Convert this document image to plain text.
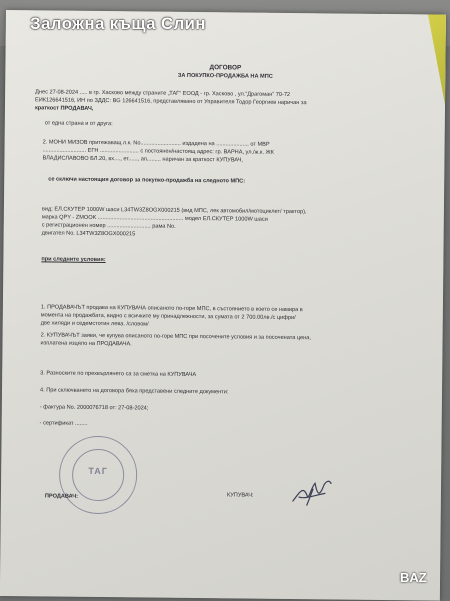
ДОГОВОР
ЗА ПОКУПКО-ПРОДАЖБА НА МПС
Днес 27-08-2024 ..... в гр. Хасково между страните „ТАГ“ ЕООД - гр. Хасково , ул.“Драгоман“ 70-72
ЕИК126641516, ИН по ЗДДС: BG 126641516, представлявано от Управителя Тодор Георгиев наричан за
краткост ПРОДАВАЧ,
от една страна и от друга:
2. МОНИ МИЗОВ притежаващ л.к. No.......................... издадена на ..................... от МВР
............................ ЕГН ......................... с постоянен/настоящ адрес: гр. ВАРНА, ул./ж.к. ЖК
ВЛАДИСЛАВОВО БЛ.20, вх...., ет......, ап......... наричан за краткост КУПУВАЧ,
се сключи настоящия договор за покупко-продажба на следното МПС:
вид: ЕЛ.СКУТЕР 1000W шаси L34TW3Z8OGX000215 (вид МПС, лек автомобил/мотоциклет/ трактор),
марка QPY - ZMOOK ....................................................... модел ЕЛ.СКУТЕР 1000W шаси
с регистрационен номер ............................ рама No.
двигател No. L34TW3Z8OGX000215
при следните условия:
1. ПРОДАВАЧЪТ продава на КУПУВАЧА описаното по-горе МПС, в състоянието в което се намира в
момента на продажбата, видно с всичките му принадлежности, за сумата от 2 700.00лв./с цифри/
две хиляди и седемстотин лева. /словом/
2. КУПУВАЧЪТ заяви, че купува описаното по-горе МПС при посочените условия и за посочената цена,
изплатена изцяло на ПРОДАВАЧА.
3. Разноските по прехвърлянето са за сметка на КУПУВАЧА
4. При сключването на договора бяха представени следните документи:
- фактура No. 2000076718 от: 27-08-2024;
- сертификат ........
ТАГ
ПРОДАВАЧ:	КУПУВАЧ:
Заложна къща Слин
BAZ
